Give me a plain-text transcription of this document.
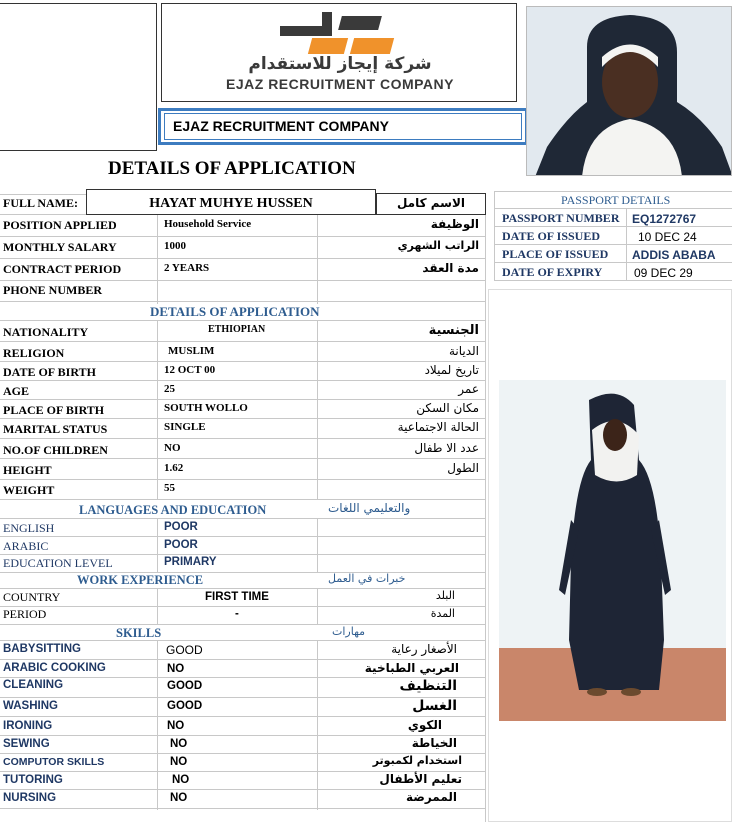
شركة إيجاز للاستقدام
EJAZ RECRUITMENT COMPANY
EJAZ RECRUITMENT COMPANY
DETAILS OF APPLICATION
FULL NAME:	HAYAT MUHYE HUSSEN	الاسم كامل
POSITION APPLIED	Household Service	الوظيفة
MONTHLY SALARY	1000	الراتب الشهري
CONTRACT PERIOD	2 YEARS	مدة العقد
PHONE NUMBER
DETAILS OF APPLICATION
NATIONALITY	ETHIOPIAN	الجنسية
RELIGION	MUSLIM	الديانة
DATE OF BIRTH	12 OCT 00	تاريخ لميلاد
AGE	25	عمر
PLACE OF BIRTH	SOUTH WOLLO	مكان السكن
MARITAL STATUS	SINGLE	الحالة الاجتماعية
NO.OF CHILDREN	NO	عدد الا طفال
HEIGHT	1.62	الطول
WEIGHT	55
LANGUAGES AND EDUCATION	والتعليمي اللغات
ENGLISH	POOR
ARABIC	POOR
EDUCATION LEVEL	PRIMARY
WORK EXPERIENCE	خبرات في العمل
COUNTRY	FIRST TIME	البلد
PERIOD	-	المدة
SKILLS	مهارات
BABYSITTING	GOOD	الأصغار رعاية
ARABIC COOKING	NO	العربي الطباخية
CLEANING	GOOD	التنظيف
WASHING	GOOD	الغسل
IRONING	NO	الكوي
SEWING	NO	الخياطة
COMPUTOR SKILLS	NO	استخدام لكمبوتر
TUTORING	NO	تعليم الأطفال
NURSING	NO	الممرضة
PASSPORT DETAILS
PASSPORT NUMBER EQ1272767
DATE OF ISSUED	10 DEC 24
PLACE OF ISSUED ADDIS ABABA
DATE OF EXPIRY	09 DEC 29
